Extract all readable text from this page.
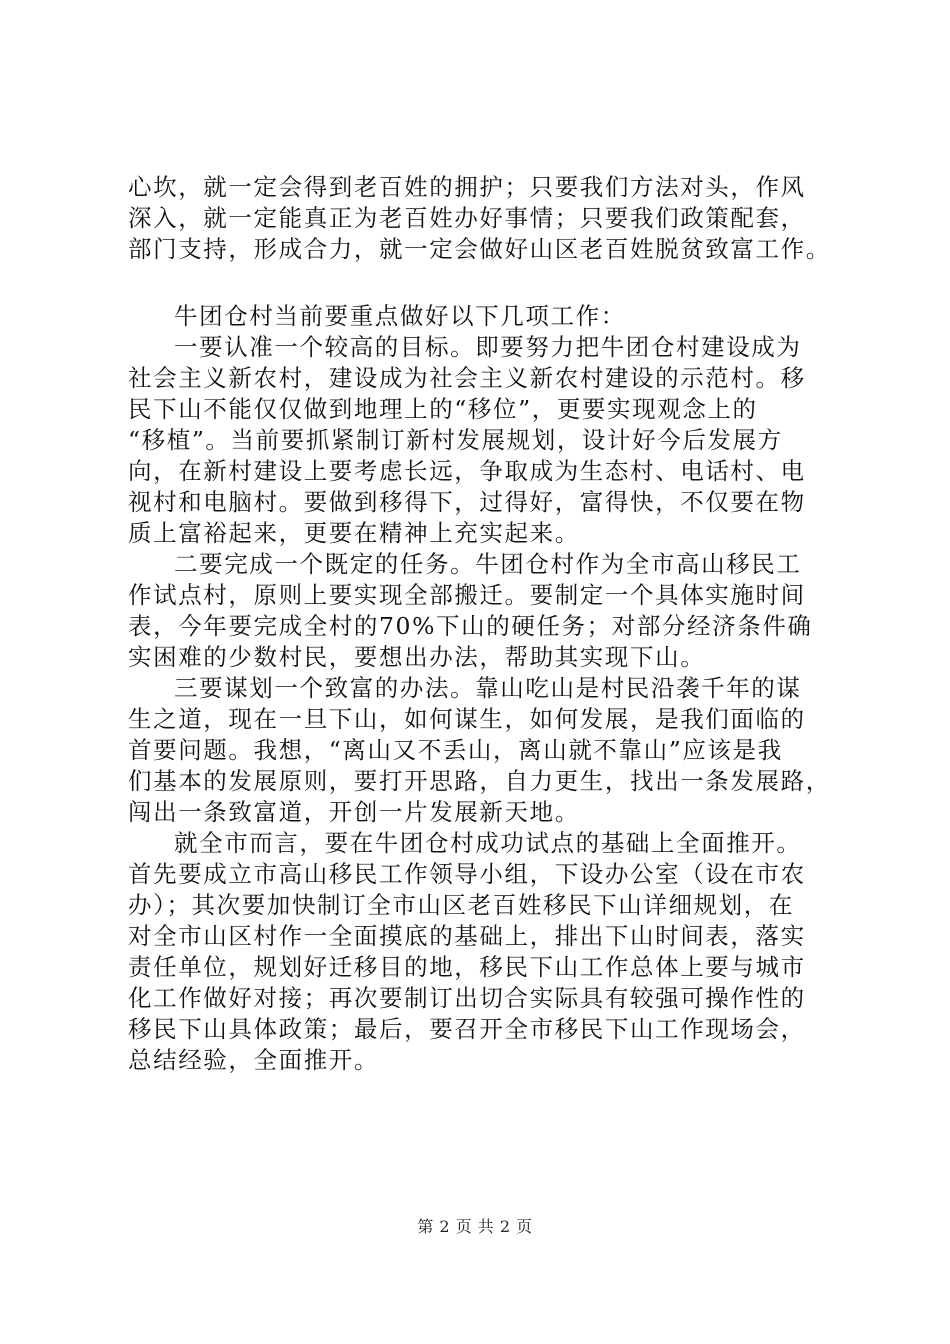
心坎，就一定会得到老百姓的拥护；只要我们方法对头，作风
深入，就一定能真正为老百姓办好事情；只要我们政策配套，
部门支持，形成合力，就一定会做好山区老百姓脱贫致富工作。

牛团仓村当前要重点做好以下几项工作：

一要认准一个较高的目标。即要努力把牛团仓村建设成为
社会主义新农村，建设成为社会主义新农村建设的示范村。移
民下山不能仅仅做到地理上的“移位”，更要实现观念上的
“移植”。当前要抓紧制订新村发展规划，设计好今后发展方
向，在新村建设上要考虑长远，争取成为生态村、电话村、电
视村和电脑村。要做到移得下，过得好，富得快，不仅要在物
质上富裕起来，更要在精神上充实起来。

二要完成一个既定的任务。牛团仓村作为全市高山移民工
作试点村，原则上要实现全部搬迁。要制定一个具体实施时间
表，今年要完成全村的70%下山的硬任务；对部分经济条件确
实困难的少数村民，要想出办法，帮助其实现下山。

三要谋划一个致富的办法。靠山吃山是村民沿袭千年的谋
生之道，现在一旦下山，如何谋生，如何发展，是我们面临的
首要问题。我想，“离山又不丢山，离山就不靠山”应该是我
们基本的发展原则，要打开思路，自力更生，找出一条发展路，
闯出一条致富道，开创一片发展新天地。

就全市而言，要在牛团仓村成功试点的基础上全面推开。
首先要成立市高山移民工作领导小组，下设办公室（设在市农
办）；其次要加快制订全市山区老百姓移民下山详细规划，在
对全市山区村作一全面摸底的基础上，排出下山时间表，落实
责任单位，规划好迁移目的地，移民下山工作总体上要与城市
化工作做好对接；再次要制订出切合实际具有较强可操作性的
移民下山具体政策；最后，要召开全市移民下山工作现场会，
总结经验，全面推开。

第 2 页 共 2 页
